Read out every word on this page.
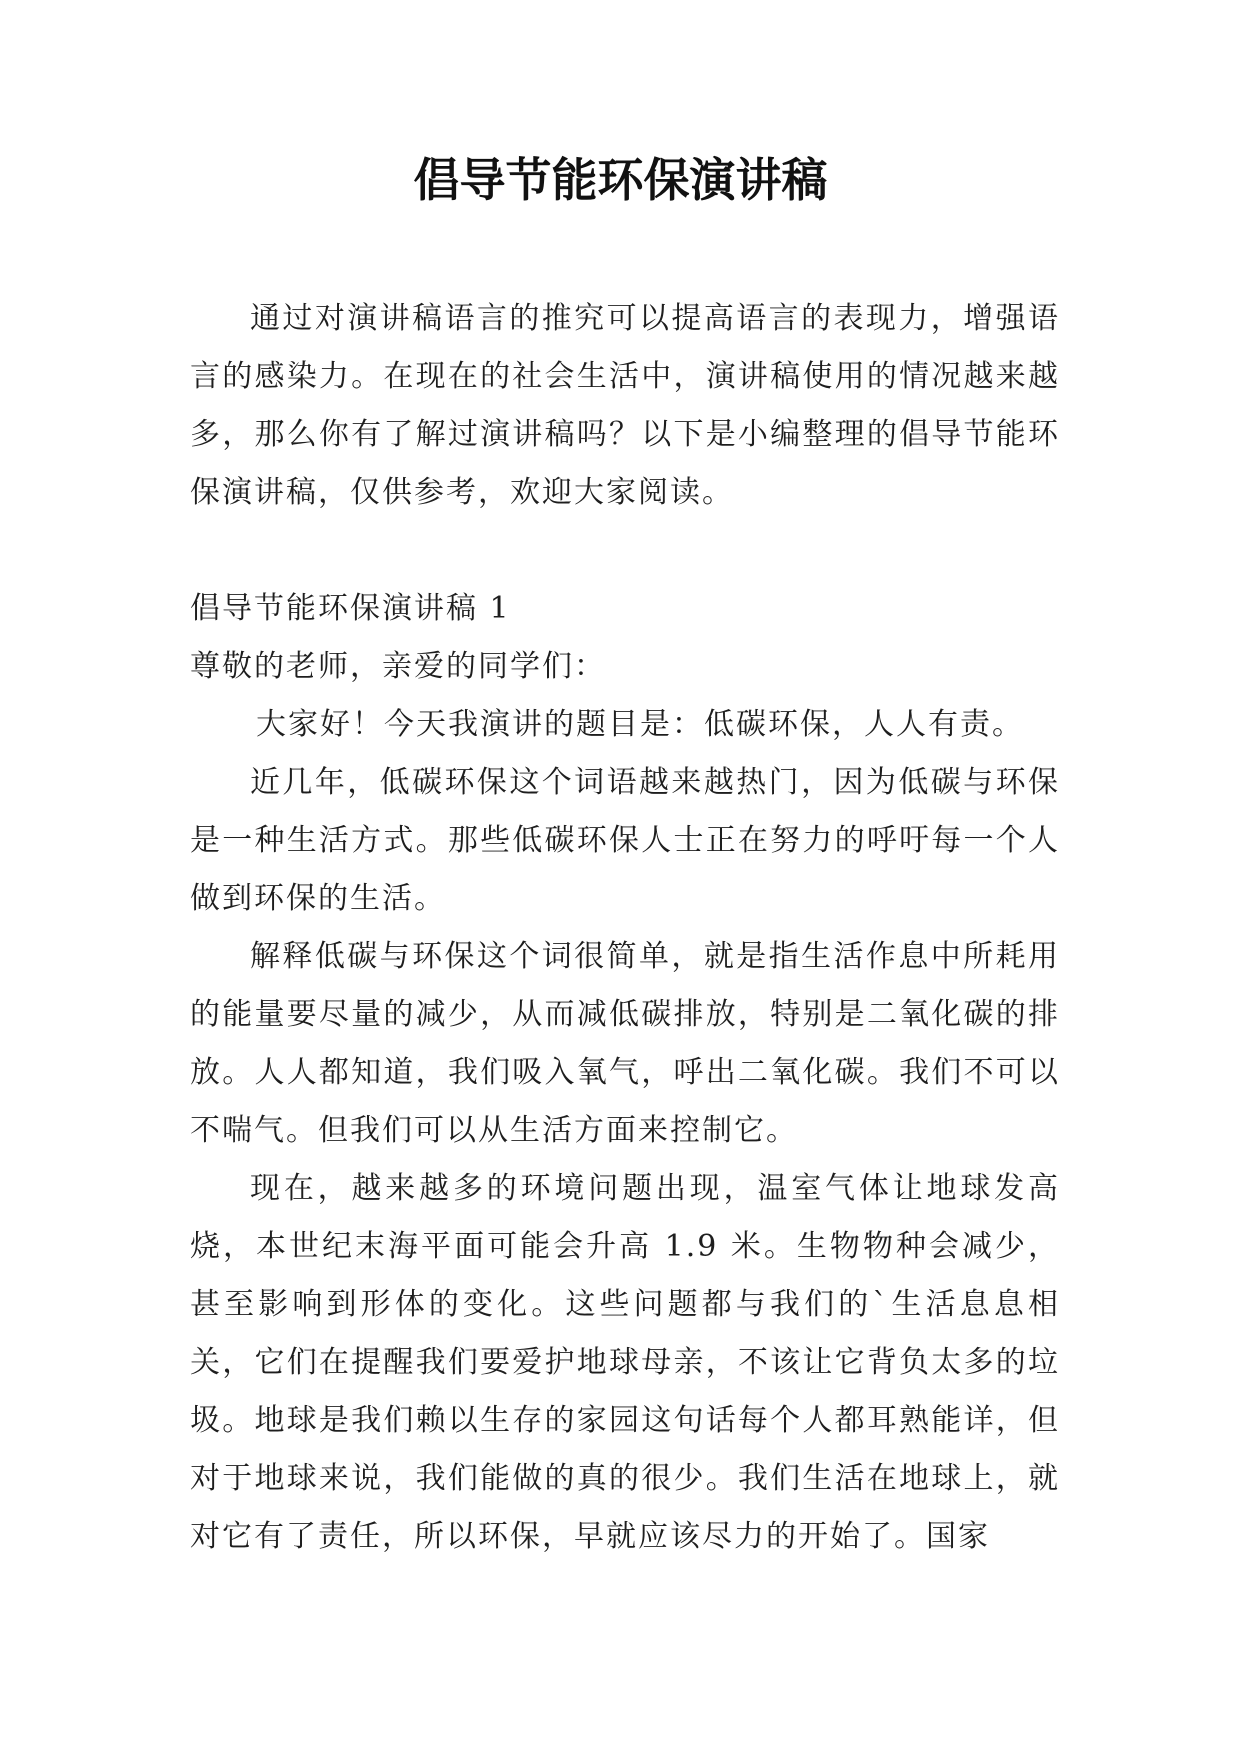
倡导节能环保演讲稿

通过对演讲稿语言的推究可以提高语言的表现力，增强语言的感染力。在现在的社会生活中，演讲稿使用的情况越来越多，那么你有了解过演讲稿吗？以下是小编整理的倡导节能环保演讲稿，仅供参考，欢迎大家阅读。

倡导节能环保演讲稿 1

尊敬的老师，亲爱的同学们：

大家好！今天我演讲的题目是：低碳环保，人人有责。

近几年，低碳环保这个词语越来越热门，因为低碳与环保是一种生活方式。那些低碳环保人士正在努力的呼吁每一个人做到环保的生活。

解释低碳与环保这个词很简单，就是指生活作息中所耗用的能量要尽量的减少，从而减低碳排放，特别是二氧化碳的排放。人人都知道，我们吸入氧气，呼出二氧化碳。我们不可以不喘气。但我们可以从生活方面来控制它。

现在，越来越多的环境问题出现，温室气体让地球发高烧，本世纪末海平面可能会升高 1.9 米。生物物种会减少，甚至影响到形体的变化。这些问题都与我们的`生活息息相关，它们在提醒我们要爱护地球母亲，不该让它背负太多的垃圾。地球是我们赖以生存的家园这句话每个人都耳熟能详，但对于地球来说，我们能做的真的很少。我们生活在地球上，就对它有了责任，所以环保，早就应该尽力的开始了。国家
